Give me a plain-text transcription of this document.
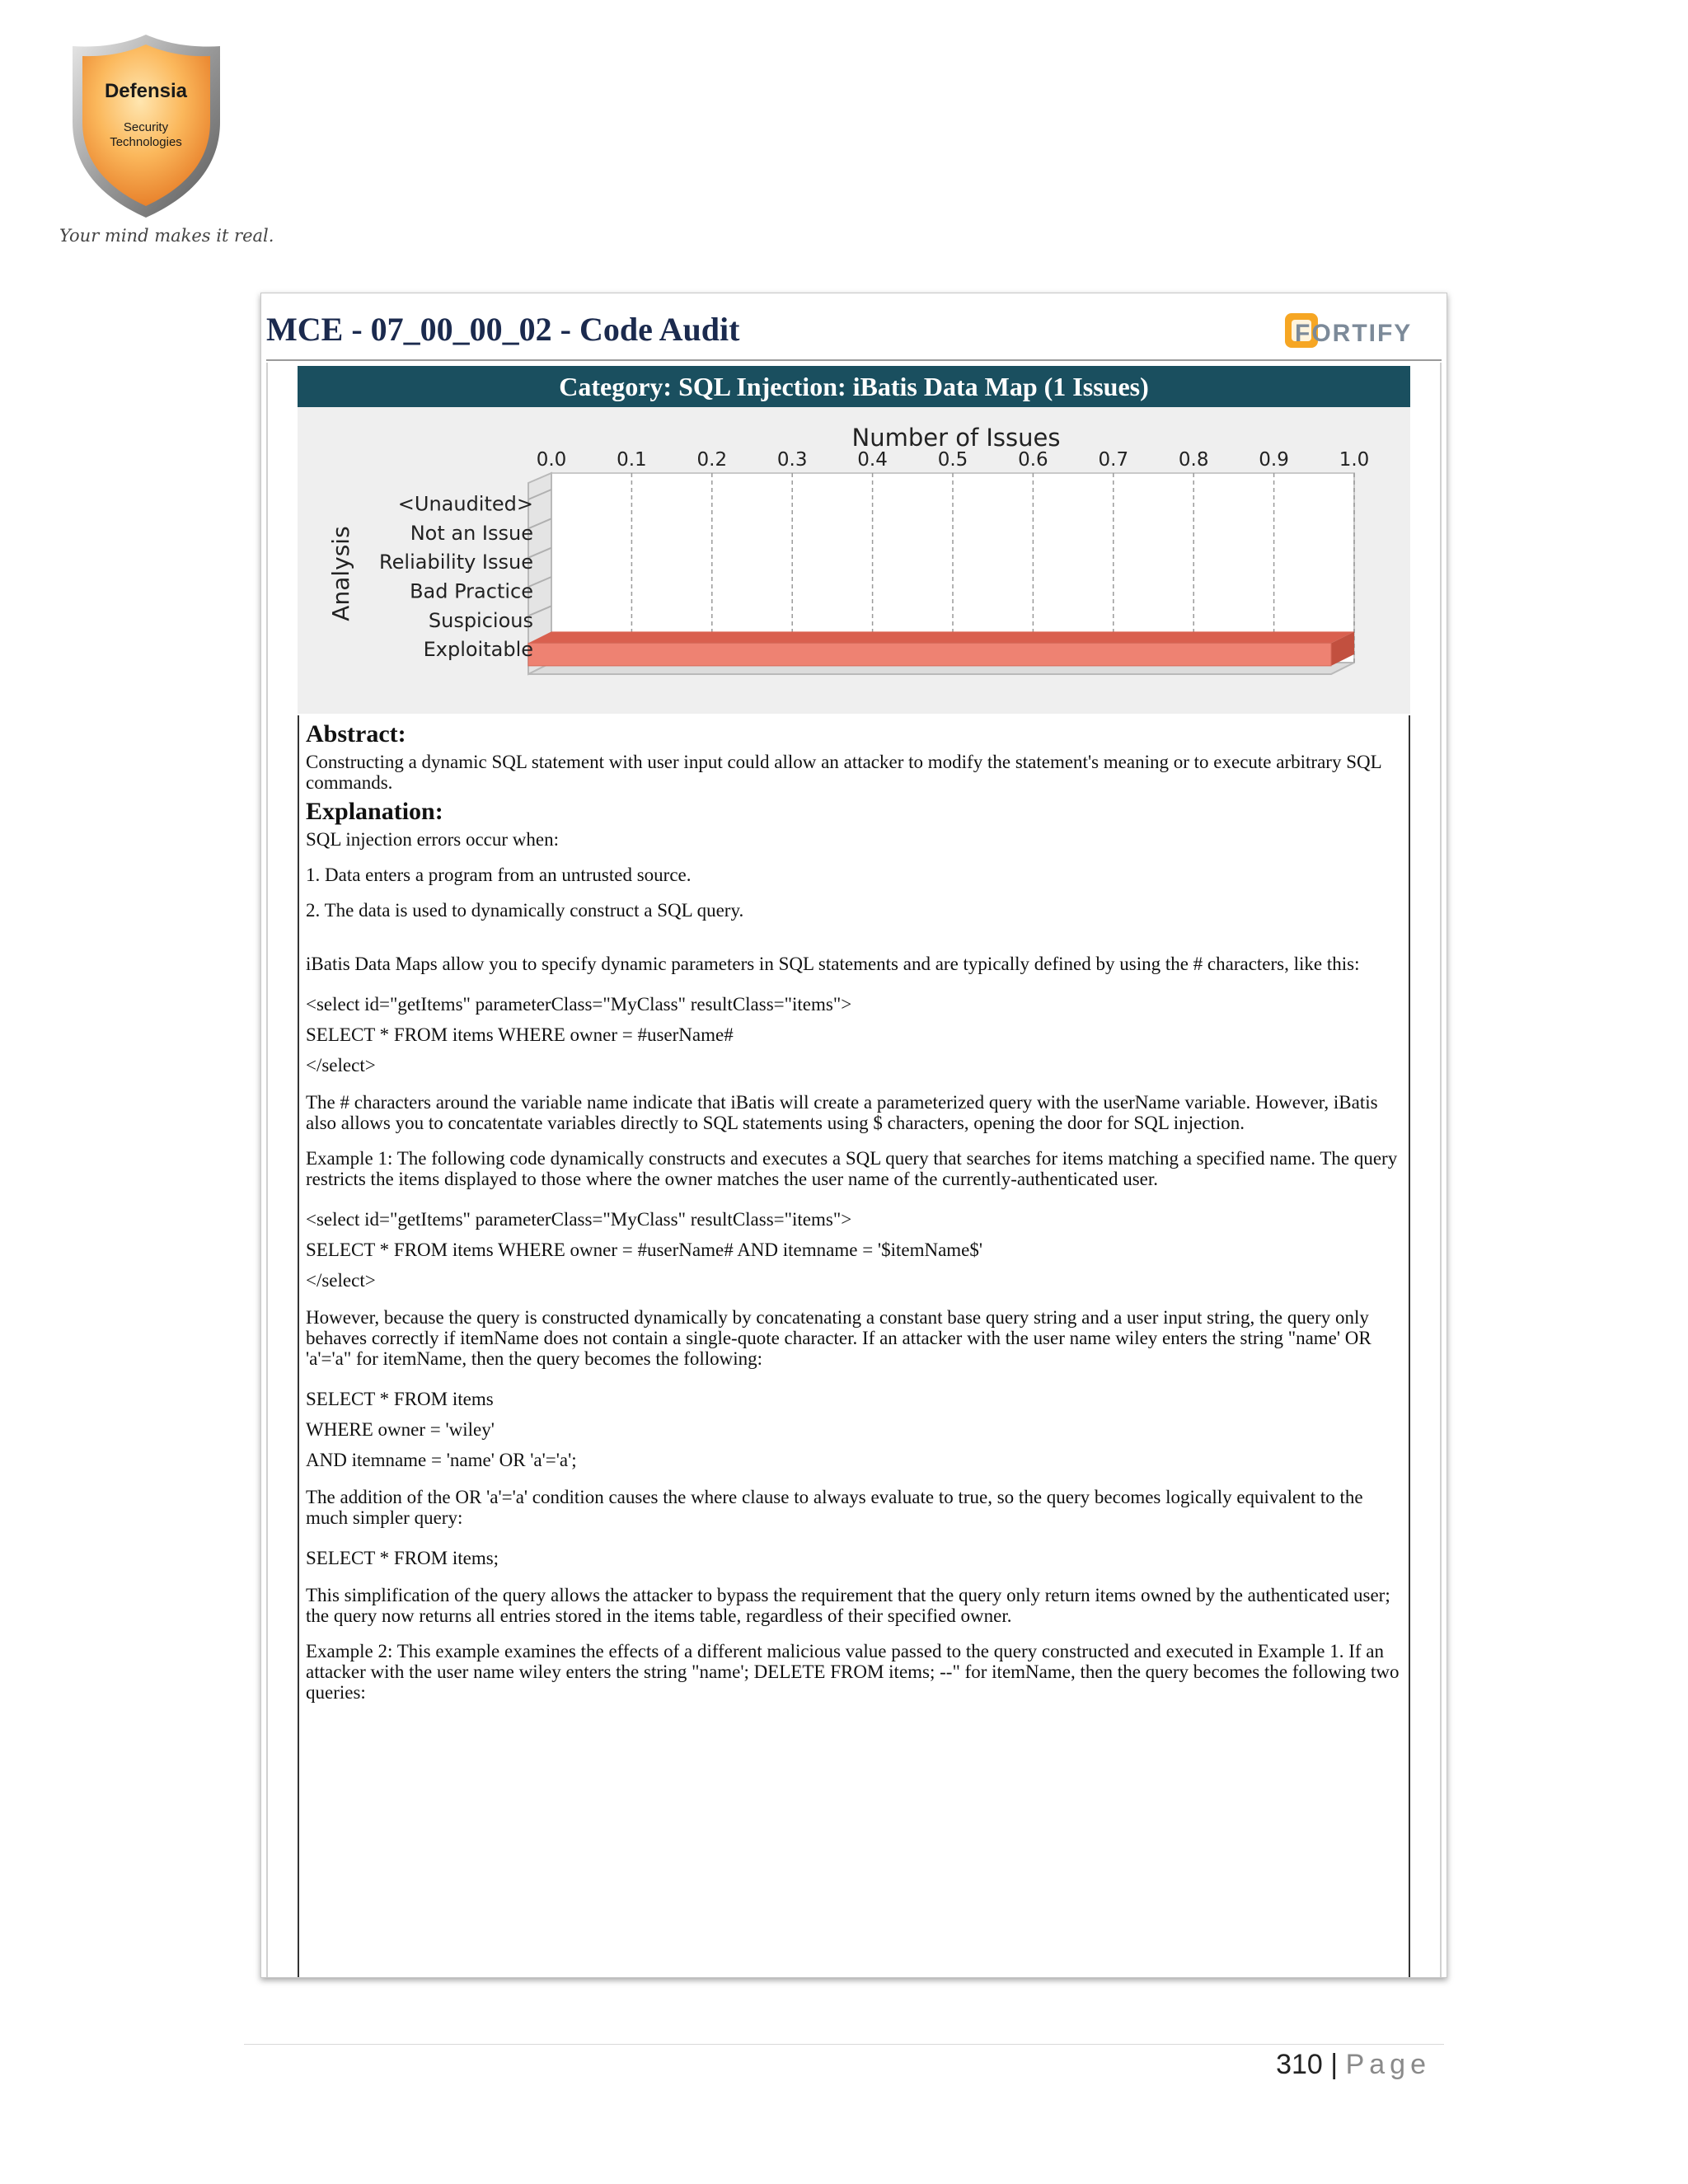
Defensia
Security
Technologies
Your mind makes it real.
MCE - 07_00_00_02 - Code Audit	FORTIFY
Category: SQL Injection: iBatis Data Map (1 Issues)
Number of Issues
0.0	0.1	0.2	0.3	0.4	0.5	0.6	0.7	0.8	0.9	1.0
<Unaudited>
Not an Issue
Reliability Issue
Bad Practice
Suspicious
Exploitable
Analysis
Abstract:

Constructing a dynamic SQL statement with user input could allow an attacker to modify the statement's meaning or to execute arbitrary SQL commands.

Explanation:

SQL injection errors occur when:

1. Data enters a program from an untrusted source.

2. The data is used to dynamically construct a SQL query.

iBatis Data Maps allow you to specify dynamic parameters in SQL statements and are typically defined by using the # characters, like this:

<select id="getItems" parameterClass="MyClass" resultClass="items">

SELECT * FROM items WHERE owner = #userName#

</select>

The # characters around the variable name indicate that iBatis will create a parameterized query with the userName variable. However, iBatis also allows you to concatentate variables directly to SQL statements using $ characters, opening the door for SQL injection.

Example 1: The following code dynamically constructs and executes a SQL query that searches for items matching a specified name. The query restricts the items displayed to those where the owner matches the user name of the currently-authenticated user.

<select id="getItems" parameterClass="MyClass" resultClass="items">

SELECT * FROM items WHERE owner = #userName# AND itemname = '$itemName$'

</select>

However, because the query is constructed dynamically by concatenating a constant base query string and a user input string, the query only behaves correctly if itemName does not contain a single-quote character. If an attacker with the user name wiley enters the string "name' OR 'a'='a" for itemName, then the query becomes the following:

SELECT * FROM items

WHERE owner = 'wiley'

AND itemname = 'name' OR 'a'='a';

The addition of the OR 'a'='a' condition causes the where clause to always evaluate to true, so the query becomes logically equivalent to the much simpler query:

SELECT * FROM items;

This simplification of the query allows the attacker to bypass the requirement that the query only return items owned by the authenticated user; the query now returns all entries stored in the items table, regardless of their specified owner.

Example 2: This example examines the effects of a different malicious value passed to the query constructed and executed in Example 1. If an attacker with the user name wiley enters the string "name'; DELETE FROM items; --" for itemName, then the query becomes the following two queries:

310 | Page
